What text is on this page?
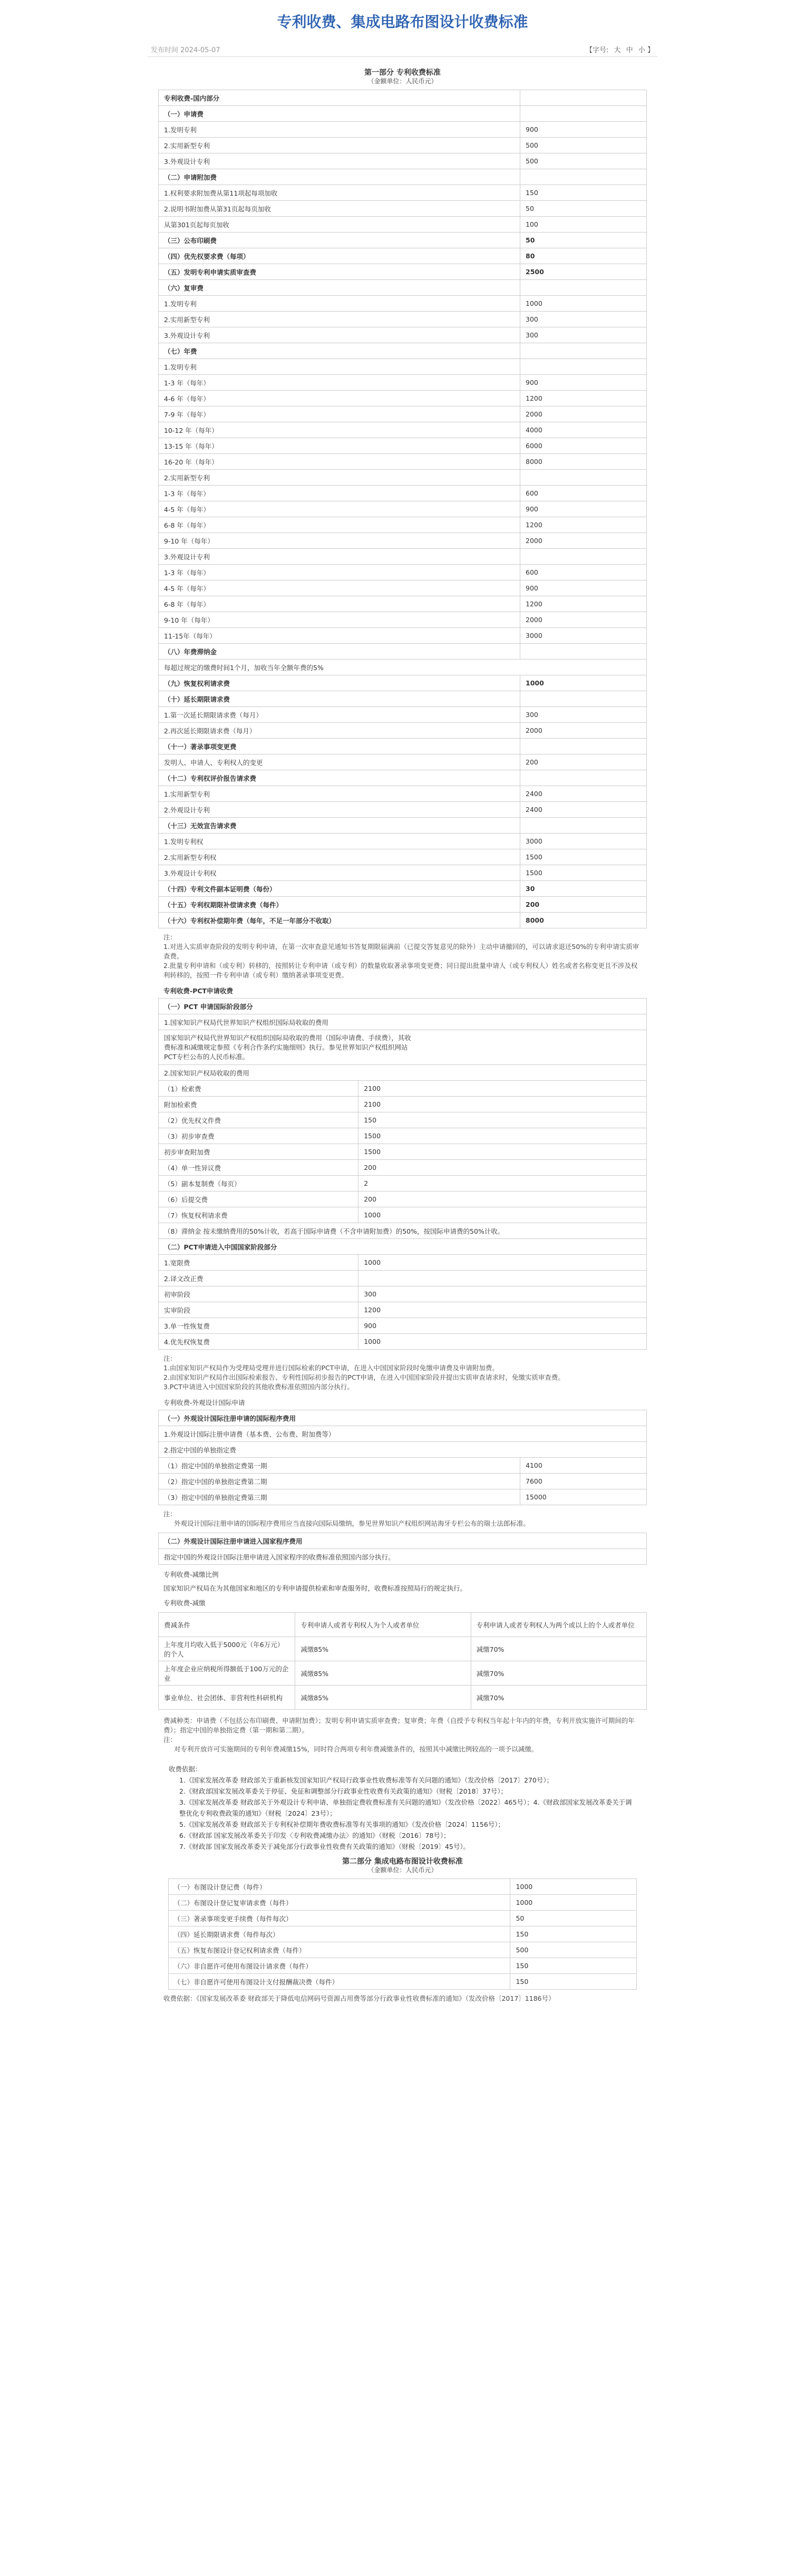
专利收费、集成电路布图设计收费标准
发布时间 2024-05-07	【字号: 大 中 小 】
第一部分 专利收费标准
（金额单位：人民币元）
专利收费-国内部分	
（一）申请费	
1.发明专利	900
2.实用新型专利	500
3.外观设计专利	500
（二）申请附加费	
1.权利要求附加费从第11项起每项加收	150
2.说明书附加费从第31页起每页加收	50
从第301页起每页加收	100
（三）公布印刷费	50
（四）优先权要求费（每项）	80
（五）发明专利申请实质审查费	2500
（六）复审费	
1.发明专利	1000
2.实用新型专利	300
3.外观设计专利	300
（七）年费	
1.发明专利	
1-3 年（每年）	900
4-6 年（每年）	1200
7-9 年（每年）	2000
10-12 年（每年）	4000
13-15 年（每年）	6000
16-20 年（每年）	8000
2.实用新型专利	
1-3 年（每年）	600
4-5 年（每年）	900
6-8 年（每年）	1200
9-10 年（每年）	2000
3.外观设计专利	
1-3 年（每年）	600
4-5 年（每年）	900
6-8 年（每年）	1200
9-10 年（每年）	2000
11-15年（每年）	3000
（八）年费滞纳金	
每超过规定的缴费时间1个月，加收当年全额年费的5%	
（九）恢复权利请求费	1000
（十）延长期限请求费	
1.第一次延长期限请求费（每月）	300
2.再次延长期限请求费（每月）	2000
（十一）著录事项变更费	
发明人、申请人、专利权人的变更	200
（十二）专利权评价报告请求费	
1.实用新型专利	2400
2.外观设计专利	2400
（十三）无效宣告请求费	
1.发明专利权	3000
2.实用新型专利权	1500
3.外观设计专利权	1500
（十四）专利文件副本证明费（每份）	30
（十五）专利权期限补偿请求费（每件）	200
（十六）专利权补偿期年费（每年，不足一年部分不收取）	8000

注：

1.对进入实质审查阶段的发明专利申请，在第一次审查意见通知书答复期限届满前（已提交答复意见的除外）主动申请撤回的，可以请求退还50%的专利申请实质审查费。

2.批量专利申请和（或专利）转移的，按照转让专利申请（或专利）的数量收取著录事项变更费；同日提出批量申请人（或专利权人）姓名或者名称变更且不涉及权利转移的，按照一件专利申请（或专利）缴纳著录事项变更费。

专利收费-PCT申请收费
（一）PCT 申请国际阶段部分	
1.国家知识产权局代世界知识产权组织国际局收取的费用	

国家知识产权局代世界知识产权组织国际局收取的费用（国际申请费、手续费），其收费标准和减缴规定参照《专利合作条约实施细则》执行。参见世界知识产权组织网站PCT专栏公布的人民币标准。	

2.国家知识产权局收取的费用	
（1）检索费	2100
附加检索费	2100
（2）优先权文件费	150
（3）初步审查费	1500
初步审查附加费	1500
（4）单一性异议费	200
（5）副本复制费（每页）	2
（6）后提交费	200
（7）恢复权利请求费	1000
（8）滞纳金 按未缴纳费用的50%计收，若高于国际申请费（不含申请附加费）的50%，按国际申请费的50%计收。	
（二）PCT申请进入中国国家阶段部分	
1.宽限费	1000
2.译文改正费	
初审阶段	300
实审阶段	1200
3.单一性恢复费	900
4.优先权恢复费	1000

注：

1.由国家知识产权局作为受理局受理并进行国际检索的PCT申请，在进入中国国家阶段时免缴申请费及申请附加费。

2.由国家知识产权局作出国际检索报告、专利性国际初步报告的PCT申请，在进入中国国家阶段并提出实质审查请求时，免缴实质审查费。

3.PCT申请进入中国国家阶段的其他收费标准依照国内部分执行。

专利收费-外观设计国际申请
（一）外观设计国际注册申请的国际程序费用	
1.外观设计国际注册申请费（基本费、公布费、附加费等）	
2.指定中国的单独指定费	
（1）指定中国的单独指定费第一期	4100
（2）指定中国的单独指定费第二期	7600
（3）指定中国的单独指定费第三期	15000

注：

外观设计国际注册申请的国际程序费用应当直接向国际局缴纳，参见世界知识产权组织网站海牙专栏公布的瑞士法郎标准。

（二）外观设计国际注册申请进入国家程序费用
指定中国的外观设计国际注册申请进入国家程序的收费标准依照国内部分执行。
专利收费-减缴比例
国家知识产权局在为其他国家和地区的专利申请提供检索和审查服务时，收费标准按照局行的规定执行。
专利收费-减缴
费减条件	专利申请人或者专利权人为个人或者单位	专利申请人或者专利权人为两个或以上的个人或者单位
上年度月均收入低于5000元（年6万元）的个人	减缴85%	减缴70%
上年度企业应纳税所得额低于100万元的企业	减缴85%	减缴70%
事业单位、社会团体、非营利性科研机构	减缴85%	减缴70%

费减种类：申请费（不包括公布印刷费、申请附加费）；发明专利申请实质审查费；复审费；年费（自授予专利权当年起十年内的年费，专利开放实施许可期间的年费）；指定中国的单独指定费（第一期和第二期）。

注：

对专利开放许可实施期间的专利年费减缴15%，同时符合两项专利年费减缴条件的，按照其中减缴比例较高的一项予以减缴。

收费依据：

1.《国家发展改革委 财政部关于重新核发国家知识产权局行政事业性收费标准等有关问题的通知》（发改价格〔2017〕270号）；

2.《财政部国家发展改革委关于停征、免征和调整部分行政事业性收费有关政策的通知》（财税〔2018〕37号）；

3.《国家发展改革委 财政部关于外观设计专利申请、单独指定费收费标准有关问题的通知》（发改价格〔2022〕465号）；4.《财政部国家发展改革委关于调整优化专利收费政策的通知》（财税〔2024〕23号）；

5.《国家发展改革委 财政部关于专利权补偿期年费收费标准等有关事项的通知》（发改价格〔2024〕1156号）；

6.《财政部 国家发展改革委关于印发〈专利收费减缴办法〉的通知》（财税〔2016〕78号）；

7.《财政部 国家发展改革委关于减免部分行政事业性收费有关政策的通知》（财税〔2019〕45号）。

第二部分 集成电路布图设计收费标准
（金额单位：人民币元）
（一）布图设计登记费（每件）	1000
（二）布图设计登记复审请求费（每件）	1000
（三）著录事项变更手续费（每件每次）	50
（四）延长期限请求费（每件每次）	150
（五）恢复布图设计登记权利请求费（每件）	500
（六）非自愿许可使用布图设计请求费（每件）	150
（七）非自愿许可使用布图设计支付报酬裁决费（每件）	150

收费依据：《国家发展改革委 财政部关于降低电信网码号资源占用费等部分行政事业性收费标准的通知》（发改价格〔2017〕1186号）
